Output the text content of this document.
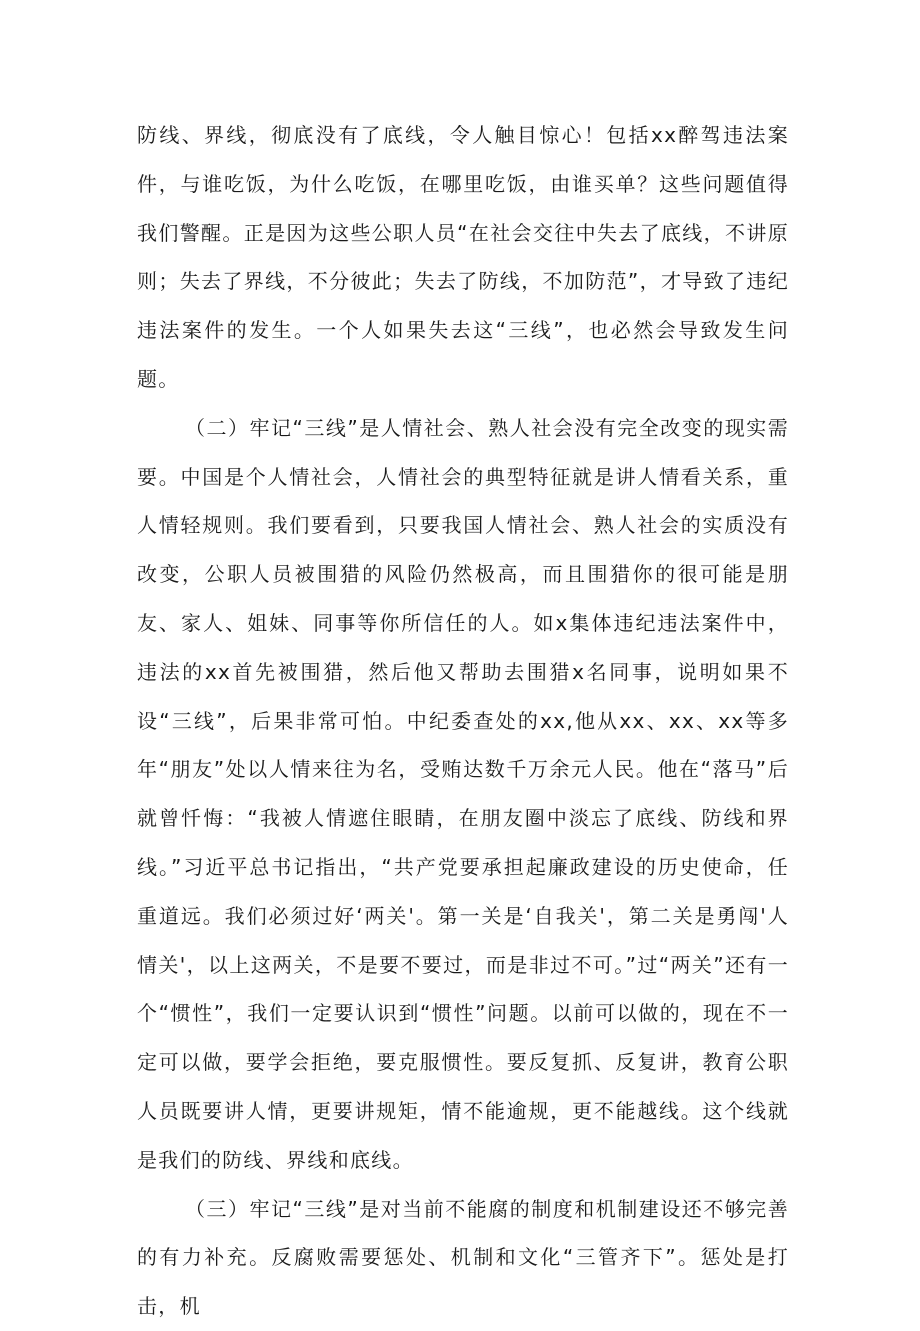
防线、界线，彻底没有了底线，令人触目惊心！包括xx醉驾违法案件，与谁吃饭，为什么吃饭，在哪里吃饭，由谁买单？这些问题值得我们警醒。正是因为这些公职人员“在社会交往中失去了底线，不讲原则；失去了界线，不分彼此；失去了防线，不加防范”，才导致了违纪违法案件的发生。一个人如果失去这“三线”，也必然会导致发生问题。

（二）牢记“三线”是人情社会、熟人社会没有完全改变的现实需要。中国是个人情社会，人情社会的典型特征就是讲人情看关系，重人情轻规则。我们要看到，只要我国人情社会、熟人社会的实质没有改变，公职人员被围猎的风险仍然极高，而且围猎你的很可能是朋友、家人、姐妹、同事等你所信任的人。如x集体违纪违法案件中，违法的xx首先被围猎，然后他又帮助去围猎x名同事，说明如果不设“三线”，后果非常可怕。中纪委查处的xx,他从xx、xx、xx等多年“朋友”处以人情来往为名，受贿达数千万余元人民。他在“落马”后就曾忏悔：“我被人情遮住眼睛，在朋友圈中淡忘了底线、防线和界线。”习近平总书记指出，“共产党要承担起廉政建设的历史使命，任重道远。我们必须过好‘两关'。第一关是‘自我关'，第二关是勇闯'人情关'，以上这两关，不是要不要过，而是非过不可。”过“两关”还有一个“惯性”，我们一定要认识到“惯性”问题。以前可以做的，现在不一定可以做，要学会拒绝，要克服惯性。要反复抓、反复讲，教育公职人员既要讲人情，更要讲规矩，情不能逾规，更不能越线。这个线就是我们的防线、界线和底线。

（三）牢记“三线”是对当前不能腐的制度和机制建设还不够完善的有力补充。反腐败需要惩处、机制和文化“三管齐下”。惩处是打击，机
